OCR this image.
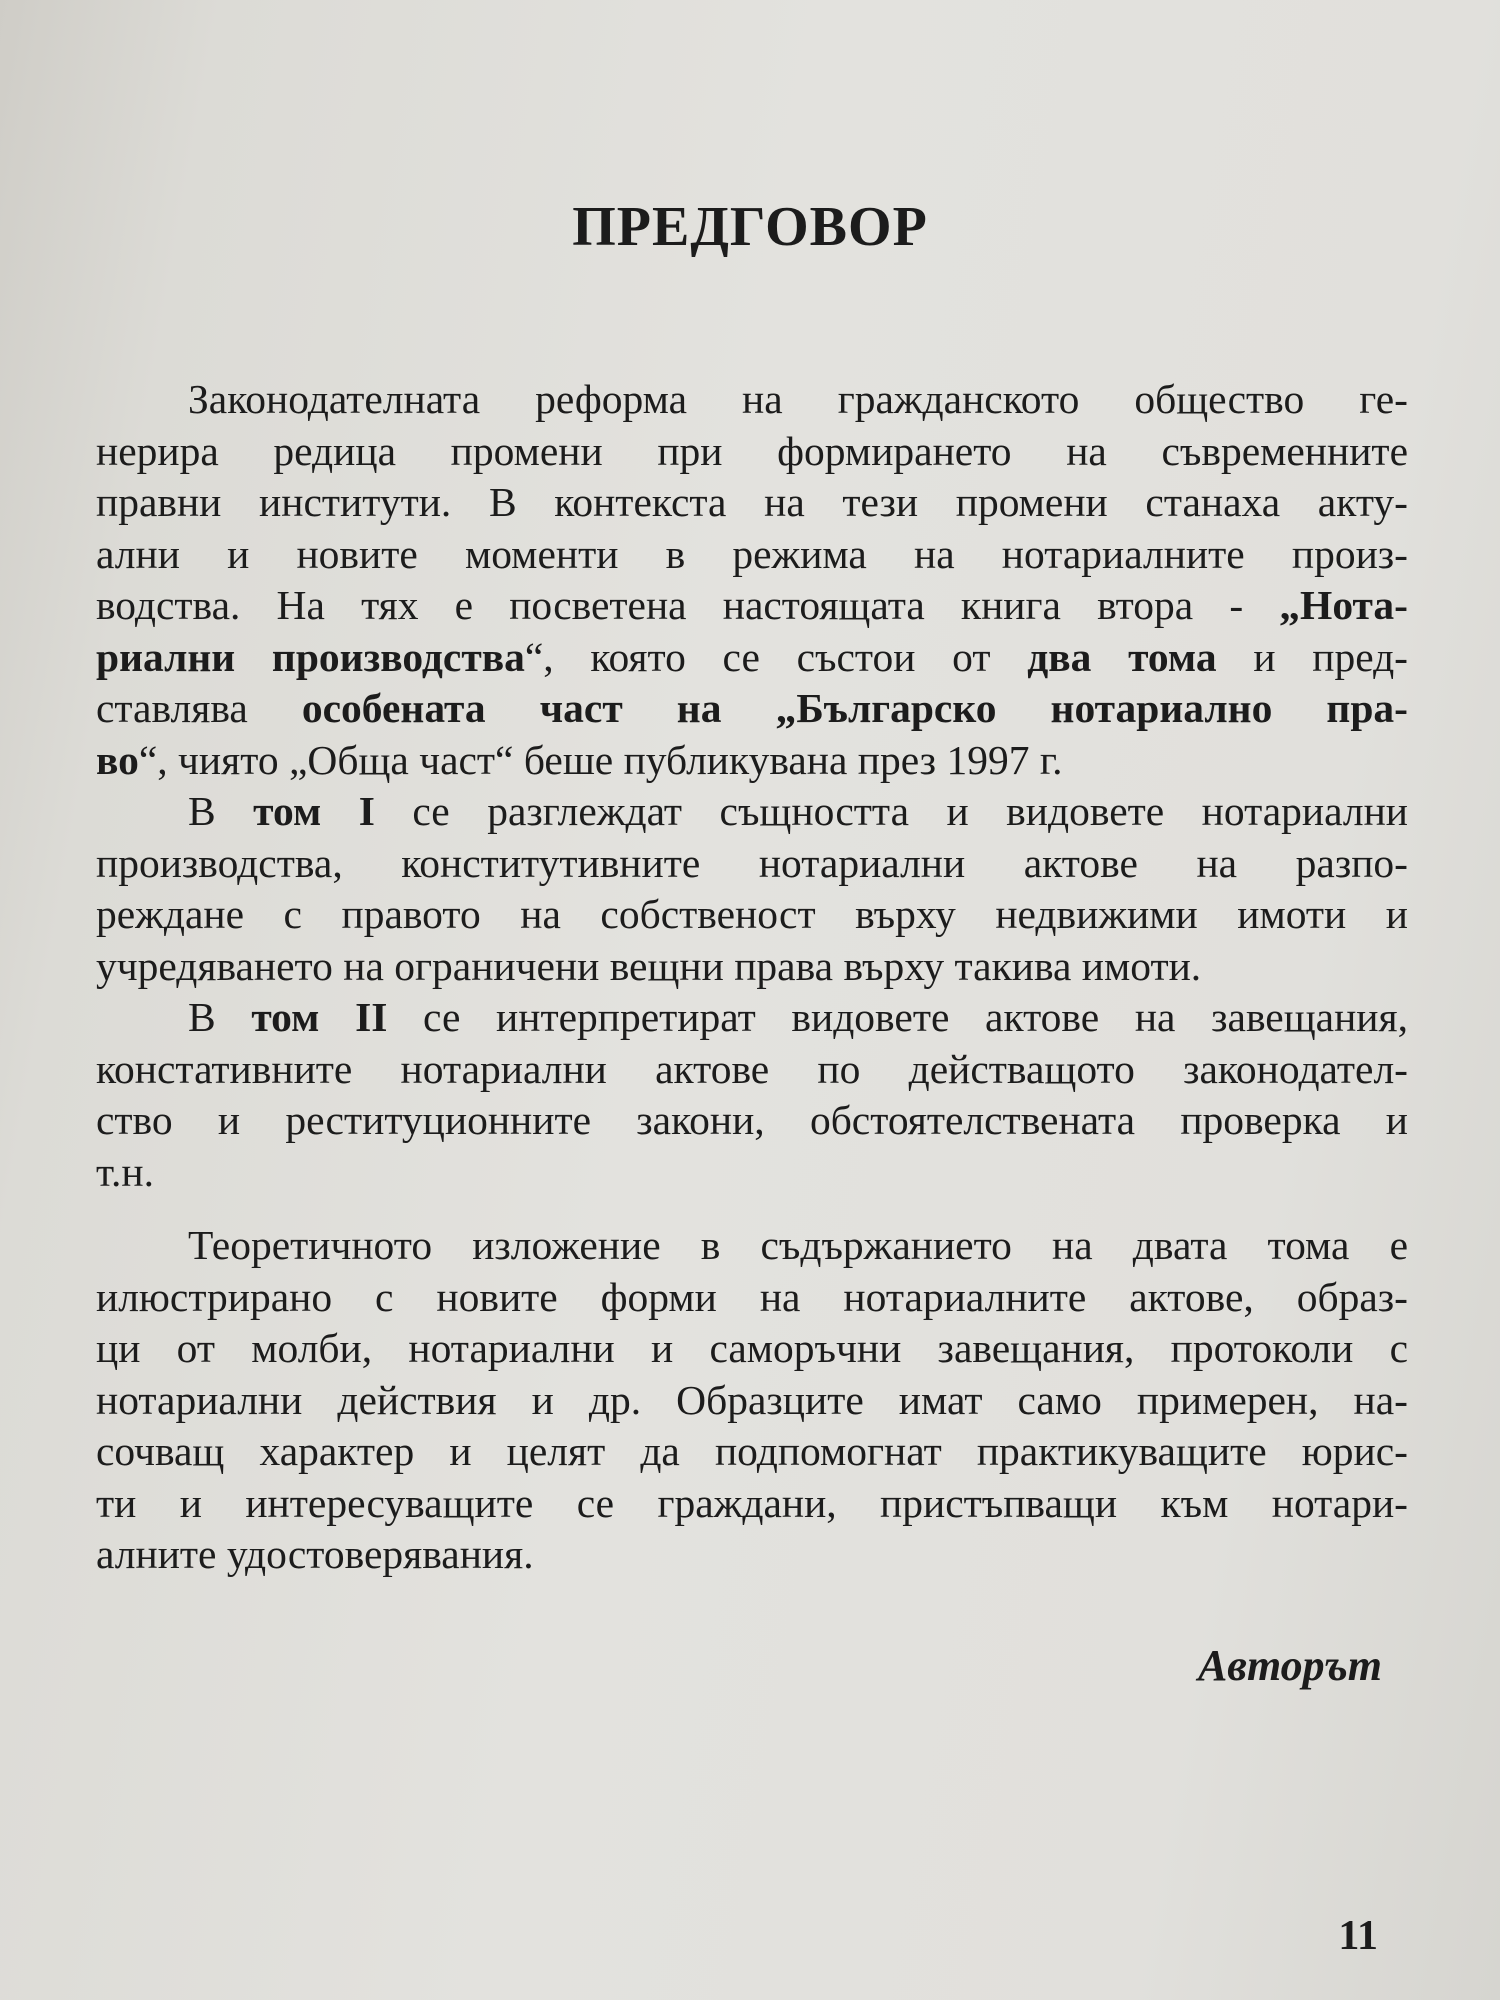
ПРЕДГОВОР
Законодателната реформа на гражданското общество ге-
нерира редица промени при формирането на съвременните
правни институти. В контекста на тези промени станаха акту-
ални и новите моменти в режима на нотариалните произ-
водства. На тях е посветена настоящата книга втора - „Нота-
риални производства“, която се състои от два тома и пред-
ставлява особената част на „Българско нотариално пра-
во“, чиято „Обща част“ беше публикувана през 1997 г.
В том I се разглеждат същността и видовете нотариални
производства, конститутивните нотариални актове на разпо-
реждане с правото на собственост върху недвижими имоти и
учредяването на ограничени вещни права върху такива имоти.
В том II се интерпретират видовете актове на завещания,
констативните нотариални актове по действащото законодател-
ство и реституционните закони, обстоятелствената проверка и
т.н.
Теоретичното изложение в съдържанието на двата тома е
илюстрирано с новите форми на нотариалните актове, образ-
ци от молби, нотариални и саморъчни завещания, протоколи с
нотариални действия и др. Образците имат само примерен, на-
сочващ характер и целят да подпомогнат практикуващите юрис-
ти и интересуващите се граждани, пристъпващи към нотари-
алните удостоверявания.
Авторът
11
